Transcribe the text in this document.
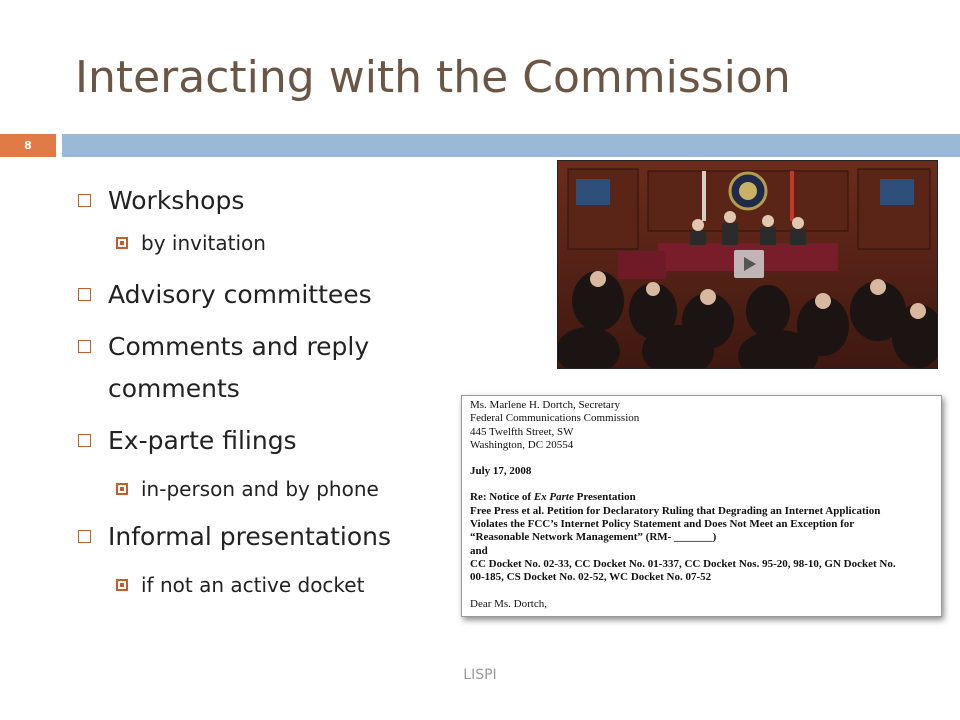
Interacting with the Commission
8
Workshops
by invitation
Advisory committees
Comments and reply comments
Ex-parte filings
in-person and by phone
Informal presentations
if not an active docket
Ms. Marlene H. Dortch, Secretary
Federal Communications Commission
445 Twelfth Street, SW
Washington, DC 20554
July 17, 2008
Re: Notice of Ex Parte Presentation
Free Press et al. Petition for Declaratory Ruling that Degrading an Internet Application
Violates the FCC’s Internet Policy Statement and Does Not Meet an Exception for
“Reasonable Network Management” (RM- _______)
and
CC Docket No. 02-33, CC Docket No. 01-337, CC Docket Nos. 95-20, 98-10, GN Docket No.
00-185, CS Docket No. 02-52, WC Docket No. 07-52
Dear Ms. Dortch,
LISPI
